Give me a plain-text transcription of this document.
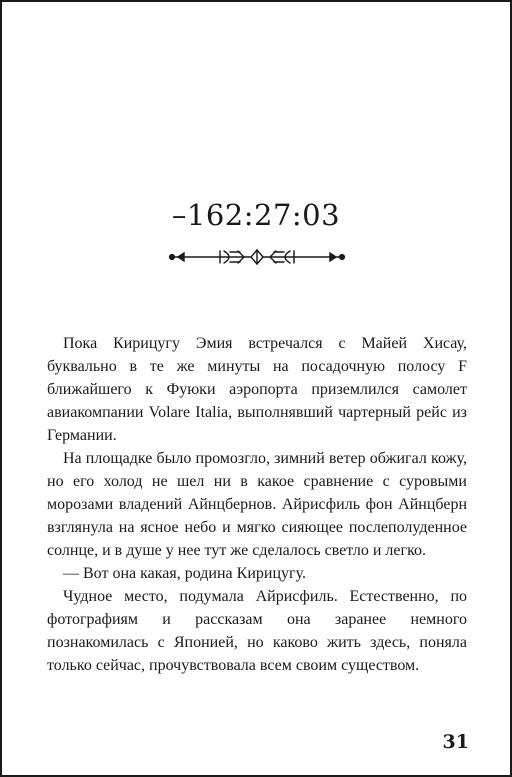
–162:27:03

Пока Кирицугу Эмия встречался с Майей Хисау, буквально в те же минуты на посадочную полосу F ближайшего к Фуюки аэропорта приземлился самолет авиакомпании Volare Italia, выполнявший чартерный рейс из Германии.

На площадке было промозгло, зимний ветер обжигал кожу, но его холод не шел ни в какое сравнение с суровыми морозами владений Айнцбернов. Айрисфиль фон Айнцберн взглянула на ясное небо и мягко сияющее послеполуденное солнце, и в душе у нее тут же сделалось светло и легко.

— Вот она какая, родина Кирицугу.

Чудное место, подумала Айрисфиль. Естественно, по фотографиям и рассказам она заранее немного познакомилась с Японией, но каково жить здесь, поняла только сейчас, прочувствовала всем своим существом.

31
